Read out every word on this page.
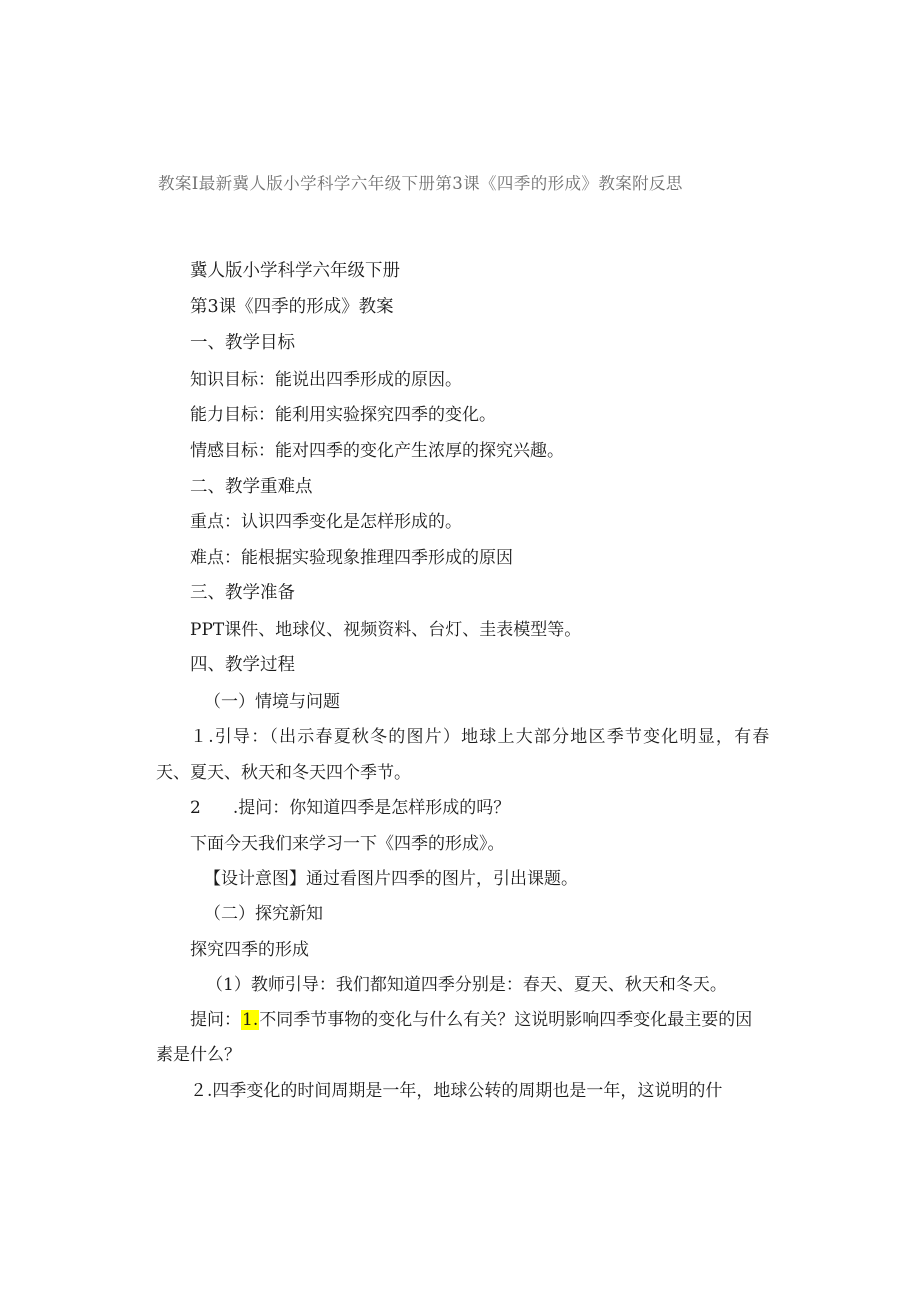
教案Ⅰ最新冀人版小学科学六年级下册第3课《四季的形成》教案附反思
冀人版小学科学六年级下册
第3课《四季的形成》教案
一、教学目标
知识目标：能说出四季形成的原因。
能力目标：能利用实验探究四季的变化。
情感目标：能对四季的变化产生浓厚的探究兴趣。
二、教学重难点
重点：认识四季变化是怎样形成的。
难点：能根据实验现象推理四季形成的原因
三、教学准备
PPT课件、地球仪、视频资料、台灯、圭表模型等。
四、教学过程
（一）情境与问题
１.引导：（出示春夏秋冬的图片）地球上大部分地区季节变化明显，有春
天、夏天、秋天和冬天四个季节。
2 .提问：你知道四季是怎样形成的吗？
下面今天我们来学习一下《四季的形成》。
【设计意图】通过看图片四季的图片，引出课题。
（二）探究新知
探究四季的形成
（1）教师引导：我们都知道四季分别是：春天、夏天、秋天和冬天。
提问：1.不同季节事物的变化与什么有关？这说明影响四季变化最主要的因
素是什么？
２.四季变化的时间周期是一年，地球公转的周期也是一年，这说明的什
